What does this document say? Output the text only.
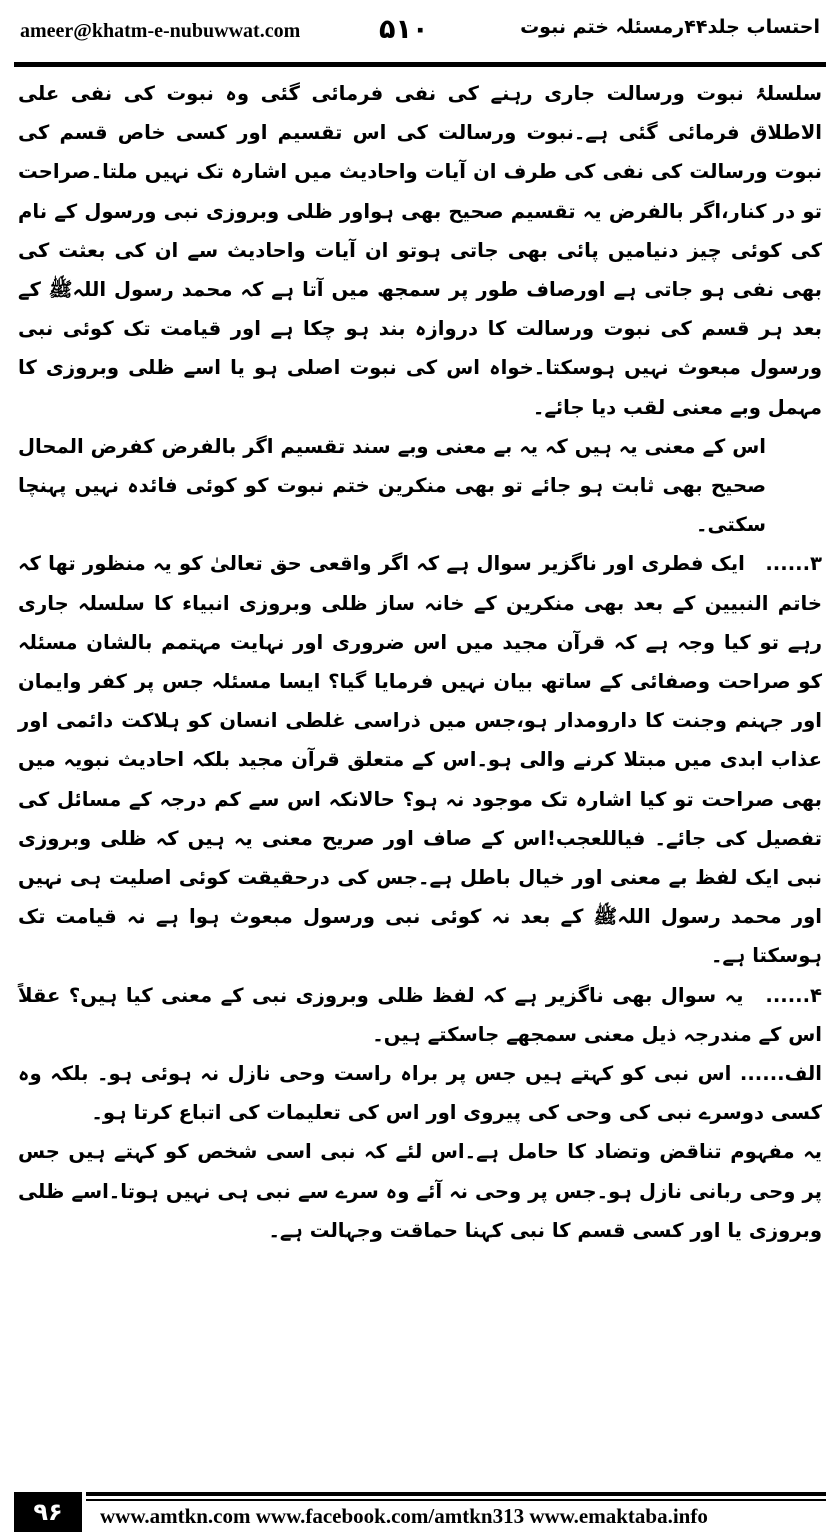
ameer@khatm-e-nubuwwat.com	۵۱۰	احتساب جلد۴۴رمسئلہ ختم نبوت

سلسلۂ نبوت ورسالت جاری رہنے کی نفی فرمائی گئی وہ نبوت کی نفی علی الاطلاق فرمائی گئی ہے۔نبوت ورسالت کی اس تقسیم اور کسی خاص قسم کی نبوت ورسالت کی نفی کی طرف ان آیات واحادیث میں اشارہ تک نہیں ملتا۔صراحت تو در کنار،اگر بالفرض یہ تقسیم صحیح بھی ہواور ظلی وبروزی نبی ورسول کے نام کی کوئی چیز دنیامیں پائی بھی جاتی ہوتو ان آیات واحادیث سے ان کی بعثت کی بھی نفی ہو جاتی ہے اورصاف طور پر سمجھ میں آتا ہے کہ محمد رسول اللہﷺ کے بعد ہر قسم کی نبوت ورسالت کا دروازہ بند ہو چکا ہے اور قیامت تک کوئی نبی ورسول مبعوث نہیں ہوسکتا۔خواہ اس کی نبوت اصلی ہو یا اسے ظلی وبروزی کا مہمل وبے معنی لقب دیا جائے۔

اس کے معنی یہ ہیں کہ یہ بے معنی وبے سند تقسیم اگر بالفرض کفرض المحال صحیح بھی ثابت ہو جائے تو بھی منکرین ختم نبوت کو کوئی فائدہ نہیں پہنچا سکتی۔

۳...... ایک فطری اور ناگزیر سوال ہے کہ اگر واقعی حق تعالیٰ کو یہ منظور تھا کہ خاتم النبیین کے بعد بھی منکرین کے خانہ ساز ظلی وبروزی انبیاء کا سلسلہ جاری رہے تو کیا وجہ ہے کہ قرآن مجید میں اس ضروری اور نہایت مہتمم بالشان مسئلہ کو صراحت وصفائی کے ساتھ بیان نہیں فرمایا گیا؟ ایسا مسئلہ جس پر کفر وایمان اور جہنم وجنت کا دارومدار ہو،جس میں ذراسی غلطی انسان کو ہلاکت دائمی اور عذاب ابدی میں مبتلا کرنے والی ہو۔اس کے متعلق قرآن مجید بلکہ احادیث نبویہ میں بھی صراحت تو کیا اشارہ تک موجود نہ ہو؟ حالانکہ اس سے کم درجہ کے مسائل کی تفصیل کی جائے۔ فیاللعجب!اس کے صاف اور صریح معنی یہ ہیں کہ ظلی وبروزی نبی ایک لفظ بے معنی اور خیال باطل ہے۔جس کی درحقیقت کوئی اصلیت ہی نہیں اور محمد رسول اللہﷺ کے بعد نہ کوئی نبی ورسول مبعوث ہوا ہے نہ قیامت تک ہوسکتا ہے۔

۴...... یہ سوال بھی ناگزیر ہے کہ لفظ ظلی وبروزی نبی کے معنی کیا ہیں؟ عقلاً اس کے مندرجہ ذیل معنی سمجھے جاسکتے ہیں۔

الف...... اس نبی کو کہتے ہیں جس پر براہ راست وحی نازل نہ ہوئی ہو۔ بلکہ وہ کسی دوسرے نبی کی وحی کی پیروی اور اس کی تعلیمات کی اتباع کرتا ہو۔

یہ مفہوم تناقض وتضاد کا حامل ہے۔اس لئے کہ نبی اسی شخص کو کہتے ہیں جس پر وحی ربانی نازل ہو۔جس پر وحی نہ آئے وہ سرے سے نبی ہی نہیں ہوتا۔اسے ظلی وبروزی یا اور کسی قسم کا نبی کہنا حماقت وجہالت ہے۔

۹۶	www.amtkn.com www.facebook.com/amtkn313 www.emaktaba.info
